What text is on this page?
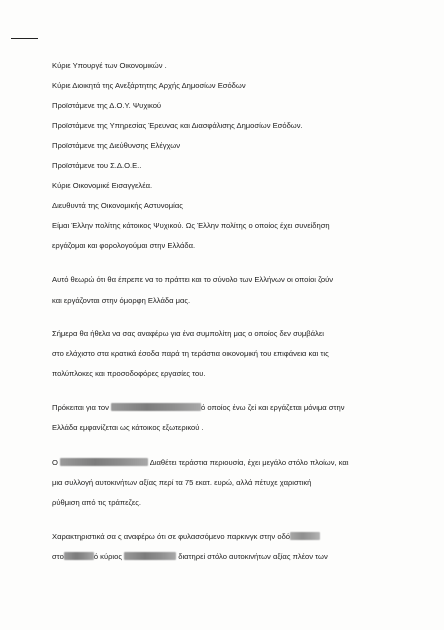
Κύριε Υπουργέ των Οικονομικών .
Κύριε Διοικητά της Ανεξάρτητης Αρχής Δημοσίων Εσόδων
Προϊστάμενε της Δ.Ο.Υ. Ψυχικού
Προϊστάμενε της Υπηρεσίας Έρευνας και Διασφάλισης Δημοσίων Εσόδων.
Προϊστάμενε της Διεύθυνσης Ελέγχων
Προϊστάμενε του Σ.Δ.Ο.Ε..
Κύριε Οικονομικέ Εισαγγελέα.
Διευθυντά της Οικονομικής Αστυνομίας
Είμαι Έλλην πολίτης κάτοικος Ψυχικού. Ως Έλλην πολίτης ο οποίος έχει συνείδηση
εργάζομαι και φορολογούμαι στην Ελλάδα.
Αυτό θεωρώ ότι θα έπρεπε να το πράττει και το σύνολο των Ελλήνων οι οποίοι ζούν
και εργάζονται στην όμορφη Ελλάδα μας.
Σήμερα θα ήθελα να σας αναφέρω για ένα συμπολίτη μας ο οποίος δεν συμβάλει
στο ελάχιστο στα κρατικά έσοδα παρά τη τεράστια οικονομική του επιφάνεια και τις
πολύπλοκες και προσοδοφόρες εργασίες του.
Πρόκειται για τον	ό οποίος ένω ζεί και εργάζεται μόνιμα στην
Ελλάδα εμφανίζεται ως κάτοικος εξωτερικού .
Ο	Διαθέτει τεράστια περιουσία, έχει μεγάλο στόλο πλοίων, και
μια συλλογή αυτοκινήτων αξίας περί τα 75 εκατ. ευρώ, αλλά πέτυχε χαριστική
ρύθμιση από τις τράπεζες.
Χαρακτηριστικά σα ς αναφέρω ότι σε φυλασσόμενο παρκινγκ στην οδό
στο	ό κύριος	διατηρεί στόλο αυτοκινήτων αξίας πλέον των
